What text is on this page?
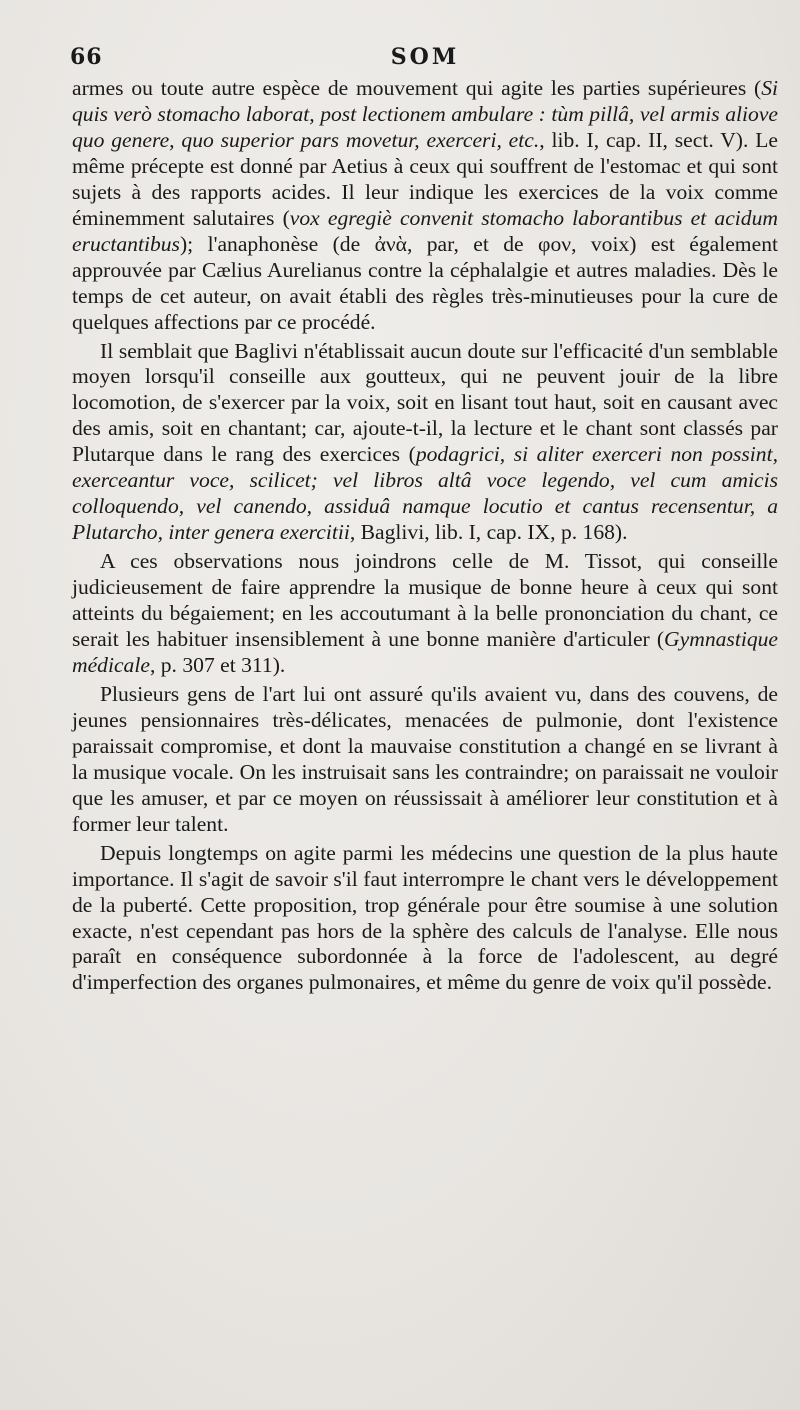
66	SOM

armes ou toute autre espèce de mouvement qui agite les parties supérieures (Si quis verò stomacho laborat, post lectionem ambulare : tùm pillâ, vel armis aliove quo genere, quo superior pars movetur, exerceri, etc., lib. I, cap. II, sect. V). Le même précepte est donné par Aetius à ceux qui souffrent de l'estomac et qui sont sujets à des rapports acides. Il leur indique les exercices de la voix comme éminemment salutaires (vox egregiè convenit stomacho laborantibus et acidum eructantibus); l'anaphonèse (de ἀνὰ, par, et de φον, voix) est également approuvée par Cælius Aurelianus contre la céphalalgie et autres maladies. Dès le temps de cet auteur, on avait établi des règles très-minutieuses pour la cure de quelques affections par ce procédé.

Il semblait que Baglivi n'établissait aucun doute sur l'efficacité d'un semblable moyen lorsqu'il conseille aux goutteux, qui ne peuvent jouir de la libre locomotion, de s'exercer par la voix, soit en lisant tout haut, soit en causant avec des amis, soit en chantant; car, ajoute-t-il, la lecture et le chant sont classés par Plutarque dans le rang des exercices (podagrici, si aliter exerceri non possint, exerceantur voce, scilicet; vel libros altâ voce legendo, vel cum amicis colloquendo, vel canendo, assiduâ namque locutio et cantus recensentur, a Plutarcho, inter genera exercitii, Baglivi, lib. I, cap. IX, p. 168).

A ces observations nous joindrons celle de M. Tissot, qui conseille judicieusement de faire apprendre la musique de bonne heure à ceux qui sont atteints du bégaiement; en les accoutumant à la belle prononciation du chant, ce serait les habituer insensiblement à une bonne manière d'articuler (Gymnastique médicale, p. 307 et 311).

Plusieurs gens de l'art lui ont assuré qu'ils avaient vu, dans des couvens, de jeunes pensionnaires très-délicates, menacées de pulmonie, dont l'existence paraissait compromise, et dont la mauvaise constitution a changé en se livrant à la musique vocale. On les instruisait sans les contraindre; on paraissait ne vouloir que les amuser, et par ce moyen on réussissait à améliorer leur constitution et à former leur talent.

Depuis longtemps on agite parmi les médecins une question de la plus haute importance. Il s'agit de savoir s'il faut interrompre le chant vers le développement de la puberté. Cette proposition, trop générale pour être soumise à une solution exacte, n'est cependant pas hors de la sphère des calculs de l'analyse. Elle nous paraît en conséquence subordonnée à la force de l'adolescent, au degré d'imperfection des organes pulmonaires, et même du genre de voix qu'il possède.
